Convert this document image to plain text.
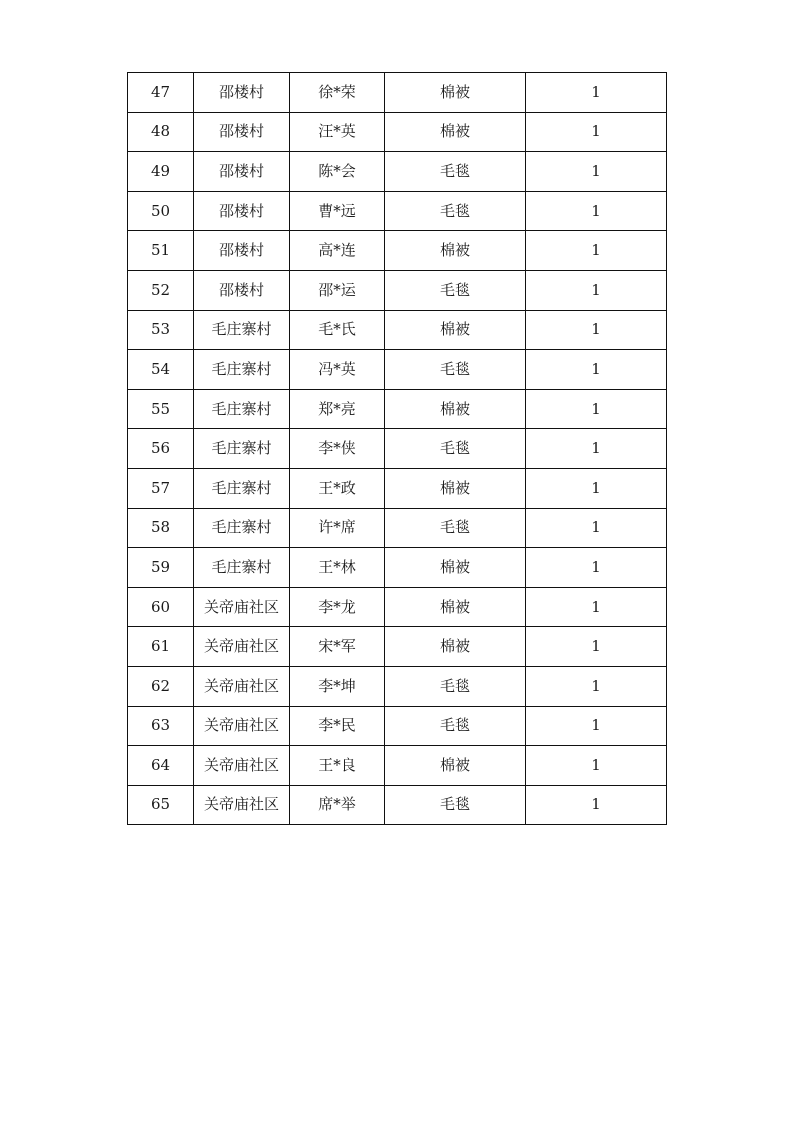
47	邵楼村	徐*荣	棉被	1
48	邵楼村	汪*英	棉被	1
49	邵楼村	陈*会	毛毯	1
50	邵楼村	曹*远	毛毯	1
51	邵楼村	高*连	棉被	1
52	邵楼村	邵*运	毛毯	1
53	毛庄寨村	毛*氏	棉被	1
54	毛庄寨村	冯*英	毛毯	1
55	毛庄寨村	郑*亮	棉被	1
56	毛庄寨村	李*侠	毛毯	1
57	毛庄寨村	王*政	棉被	1
58	毛庄寨村	许*席	毛毯	1
59	毛庄寨村	王*林	棉被	1
60	关帝庙社区	李*龙	棉被	1
61	关帝庙社区	宋*军	棉被	1
62	关帝庙社区	李*坤	毛毯	1
63	关帝庙社区	李*民	毛毯	1
64	关帝庙社区	王*良	棉被	1
65	关帝庙社区	席*举	毛毯	1
